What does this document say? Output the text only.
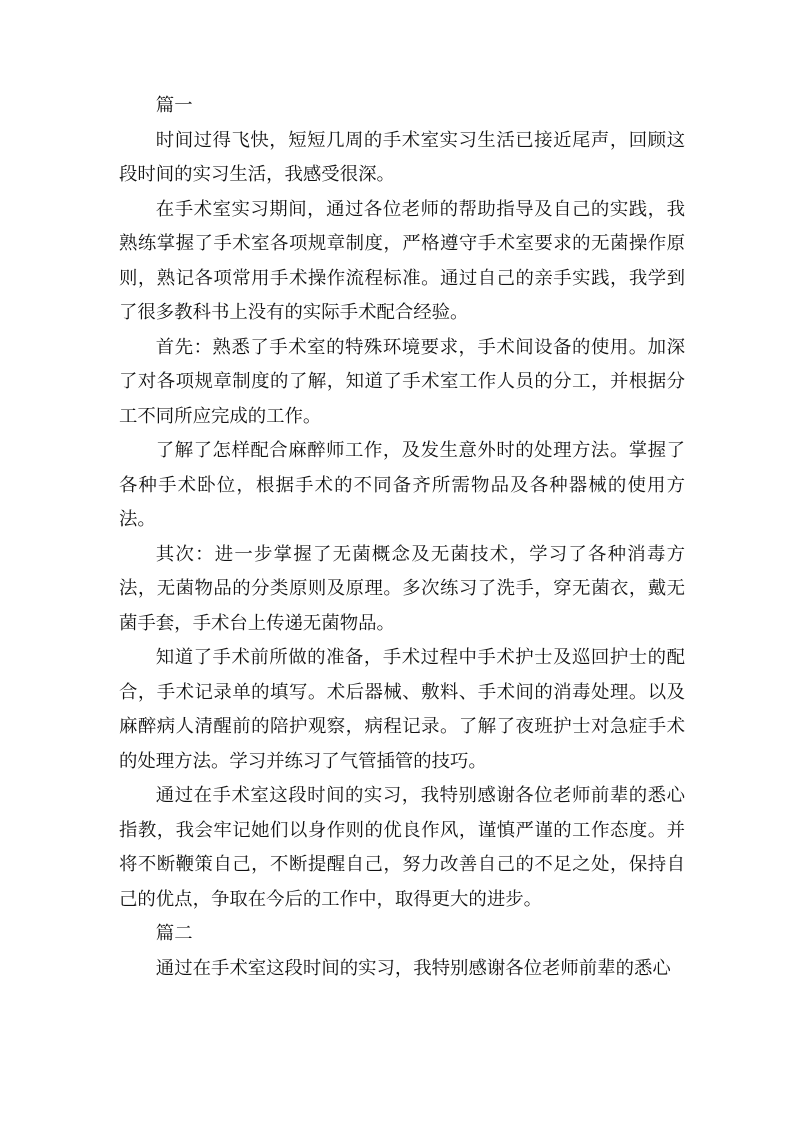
篇一

时间过得飞快，短短几周的手术室实习生活已接近尾声，回顾这段时间的实习生活，我感受很深。

在手术室实习期间，通过各位老师的帮助指导及自己的实践，我熟练掌握了手术室各项规章制度，严格遵守手术室要求的无菌操作原则，熟记各项常用手术操作流程标准。通过自己的亲手实践，我学到了很多教科书上没有的实际手术配合经验。

首先：熟悉了手术室的特殊环境要求，手术间设备的使用。加深了对各项规章制度的了解，知道了手术室工作人员的分工，并根据分工不同所应完成的工作。

了解了怎样配合麻醉师工作，及发生意外时的处理方法。掌握了各种手术卧位，根据手术的不同备齐所需物品及各种器械的使用方法。

其次：进一步掌握了无菌概念及无菌技术，学习了各种消毒方法，无菌物品的分类原则及原理。多次练习了洗手，穿无菌衣，戴无菌手套，手术台上传递无菌物品。

知道了手术前所做的准备，手术过程中手术护士及巡回护士的配合，手术记录单的填写。术后器械、敷料、手术间的消毒处理。以及麻醉病人清醒前的陪护观察，病程记录。了解了夜班护士对急症手术的处理方法。学习并练习了气管插管的技巧。

通过在手术室这段时间的实习，我特别感谢各位老师前辈的悉心指教，我会牢记她们以身作则的优良作风，谨慎严谨的工作态度。并将不断鞭策自己，不断提醒自己，努力改善自己的不足之处，保持自己的优点，争取在今后的工作中，取得更大的进步。

篇二

通过在手术室这段时间的实习，我特别感谢各位老师前辈的悉心
